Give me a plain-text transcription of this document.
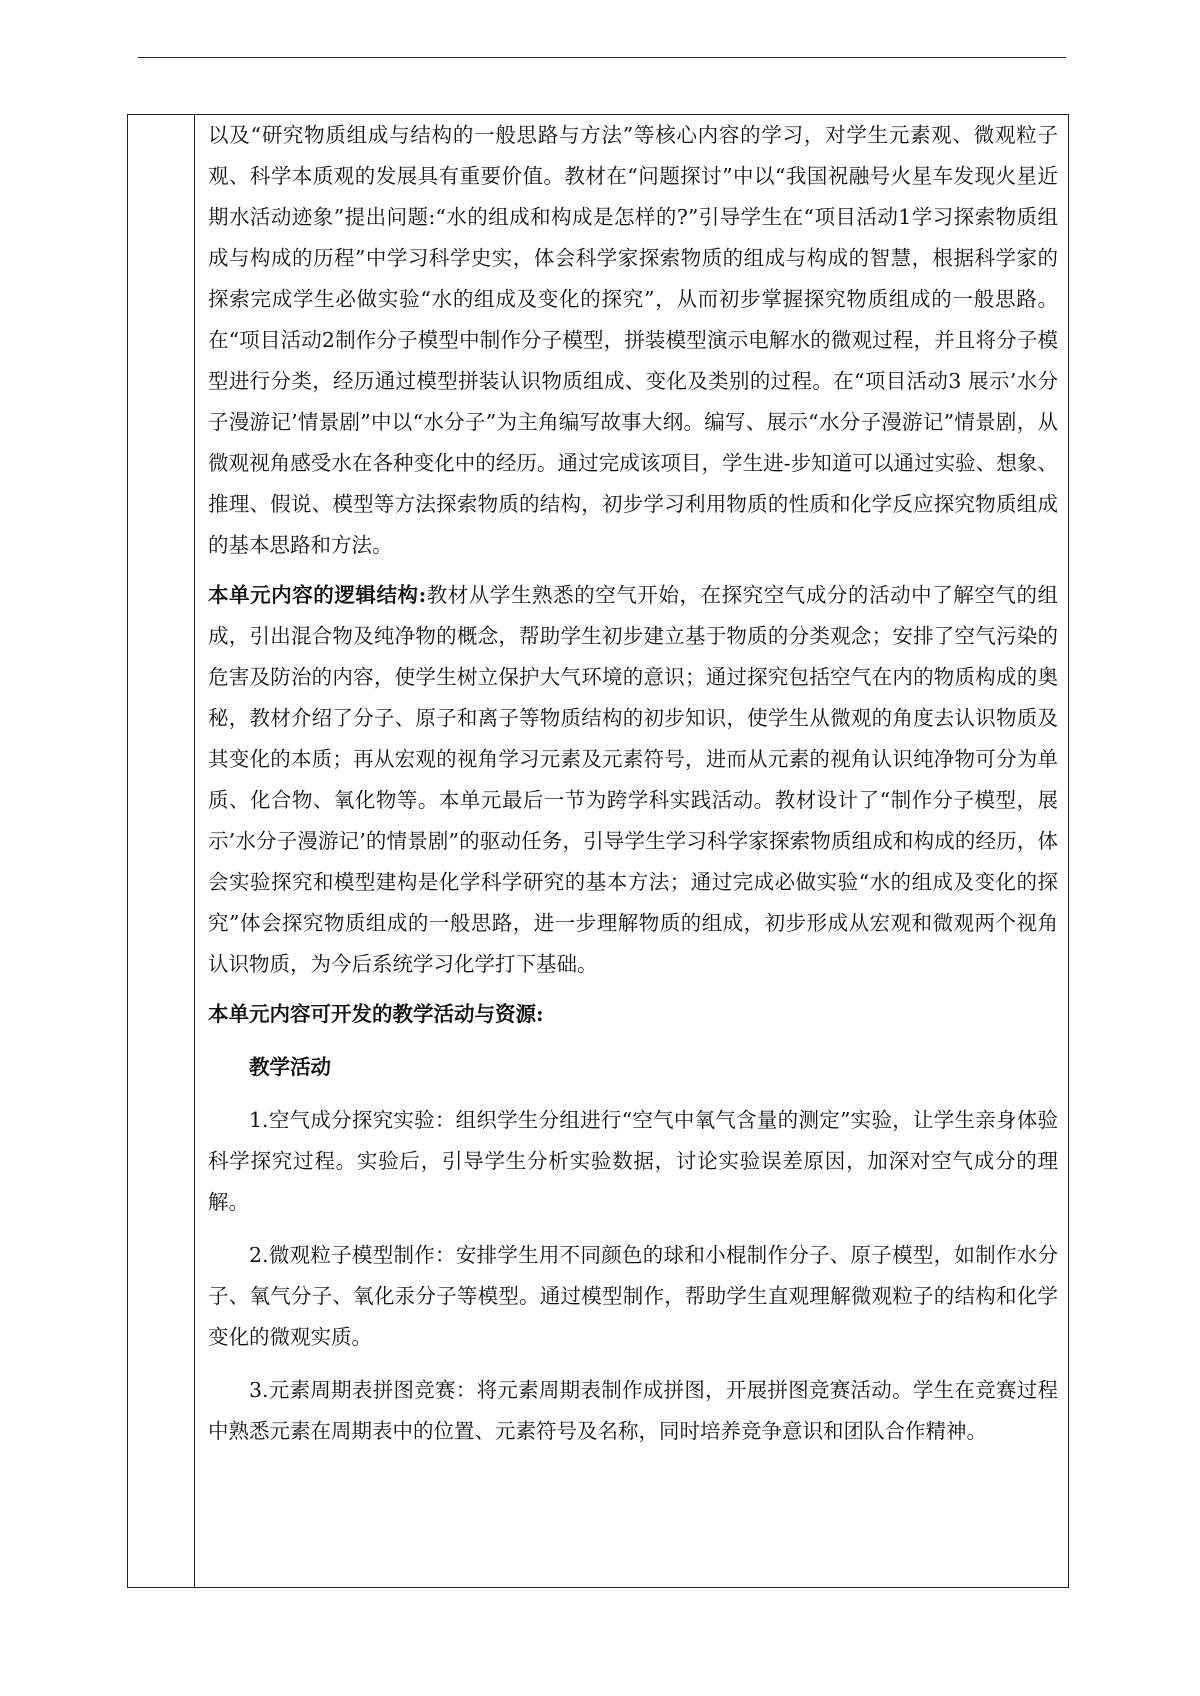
以及“研究物质组成与结构的一般思路与方法”等核心内容的学习，对学生元素观、微观粒子观、科学本质观的发展具有重要价值。教材在“问题探讨”中以“我国祝融号火星车发现火星近期水活动迹象”提出问题:“水的组成和构成是怎样的?”引导学生在“项目活动1学习探索物质组成与构成的历程”中学习科学史实，体会科学家探索物质的组成与构成的智慧，根据科学家的探索完成学生必做实验“水的组成及变化的探究”，从而初步掌握探究物质组成的一般思路。在“项目活动2制作分子模型中制作分子模型，拼装模型演示电解水的微观过程，并且将分子模型进行分类，经历通过模型拼装认识物质组成、变化及类别的过程。在“项目活动3 展示’水分子漫游记’情景剧”中以“水分子”为主角编写故事大纲。编写、展示“水分子漫游记”情景剧，从微观视角感受水在各种变化中的经历。通过完成该项目，学生进-步知道可以通过实验、想象、推理、假说、模型等方法探索物质的结构，初步学习利用物质的性质和化学反应探究物质组成的基本思路和方法。

本单元内容的逻辑结构:教材从学生熟悉的空气开始，在探究空气成分的活动中了解空气的组成，引出混合物及纯净物的概念，帮助学生初步建立基于物质的分类观念；安排了空气污染的危害及防治的内容，使学生树立保护大气环境的意识；通过探究包括空气在内的物质构成的奥秘，教材介绍了分子、原子和离子等物质结构的初步知识，使学生从微观的角度去认识物质及其变化的本质；再从宏观的视角学习元素及元素符号，进而从元素的视角认识纯净物可分为单质、化合物、氧化物等。本单元最后一节为跨学科实践活动。教材设计了“制作分子模型，展示’水分子漫游记’的情景剧”的驱动任务，引导学生学习科学家探索物质组成和构成的经历，体会实验探究和模型建构是化学科学研究的基本方法；通过完成必做实验“水的组成及变化的探究”体会探究物质组成的一般思路，进一步理解物质的组成，初步形成从宏观和微观两个视角认识物质，为今后系统学习化学打下基础。

本单元内容可开发的教学活动与资源:

教学活动

1.空气成分探究实验：组织学生分组进行“空气中氧气含量的测定”实验，让学生亲身体验科学探究过程。实验后，引导学生分析实验数据，讨论实验误差原因，加深对空气成分的理解。

2.微观粒子模型制作：安排学生用不同颜色的球和小棍制作分子、原子模型，如制作水分子、氧气分子、氧化汞分子等模型。通过模型制作，帮助学生直观理解微观粒子的结构和化学变化的微观实质。

3.元素周期表拼图竞赛：将元素周期表制作成拼图，开展拼图竞赛活动。学生在竞赛过程中熟悉元素在周期表中的位置、元素符号及名称，同时培养竞争意识和团队合作精神。
